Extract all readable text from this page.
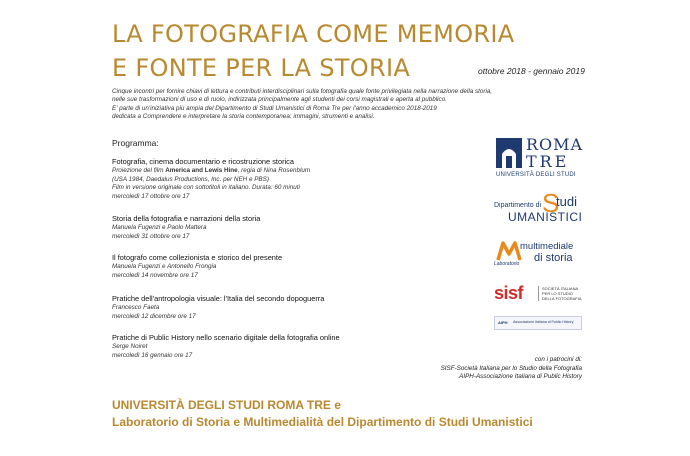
LA FOTOGRAFIA COME MEMORIA
E FONTE PER LA STORIA	ottobre 2018 - gennaio 2019
Cinque incontri per fornire chiavi di lettura e contributi interdisciplinari sulla fotografia quale fonte privilegiata nella narrazione della storia,
nelle sue trasformazioni di uso e di ruolo, indirizzata principalmente agli studenti dei corsi magistrali e aperta al pubblico.
E' parte di un'iniziativa più ampia del Dipartimento di Studi Umanistici di Roma Tre per l'anno accademico 2018-2019
dedicata a Comprendere e interpretare la storia contemporanea: immagini, strumenti e analisi.
Programma:
Fotografia, cinema documentario e ricostruzione storica
Proiezione del film America and Lewis Hine, regia di Nina Rosenblum
(USA 1984, Daedalus Productions, Inc. per NEH e PBS)
Film in versione originale con sottotitoli in italiano. Durata: 60 minuti
mercoledì 17 ottobre ore 17
Storia della fotografia e narrazioni della storia
Manuela Fugenzi e Paolo Mattera
mercoledì 31 ottobre ore 17
Il fotografo come collezionista e storico del presente
Manuela Fugenzi e Antonello Frongia
mercoledì 14 novembre ore 17
Pratiche dell'antropologia visuale: l'Italia del secondo dopoguerra
Francesco Faeta
mercoledì 12 dicembre ore 17
Pratiche di Public History nello scenario digitale della fotografia online
Serge Noiret
mercoledì 16 gennaio ore 17
ROMA
TRE
UNIVERSITÀ DEGLI STUDI
Dipartimento di S
tudi
UMANISTICI
multimediale
Laboratorio di storia
sisf	SOCIETÀ ITALIANA
PER LO STUDIO
DELLA FOTOGRAFIA
AIPH Associazione Italiana di Public History
con i patrocini di:
SISF-Società Italiana per lo Studio della Fotografia
AIPH-Associazione Italiana di Public History
UNIVERSITÀ DEGLI STUDI ROMA TRE e
Laboratorio di Storia e Multimedialità del Dipartimento di Studi Umanistici
